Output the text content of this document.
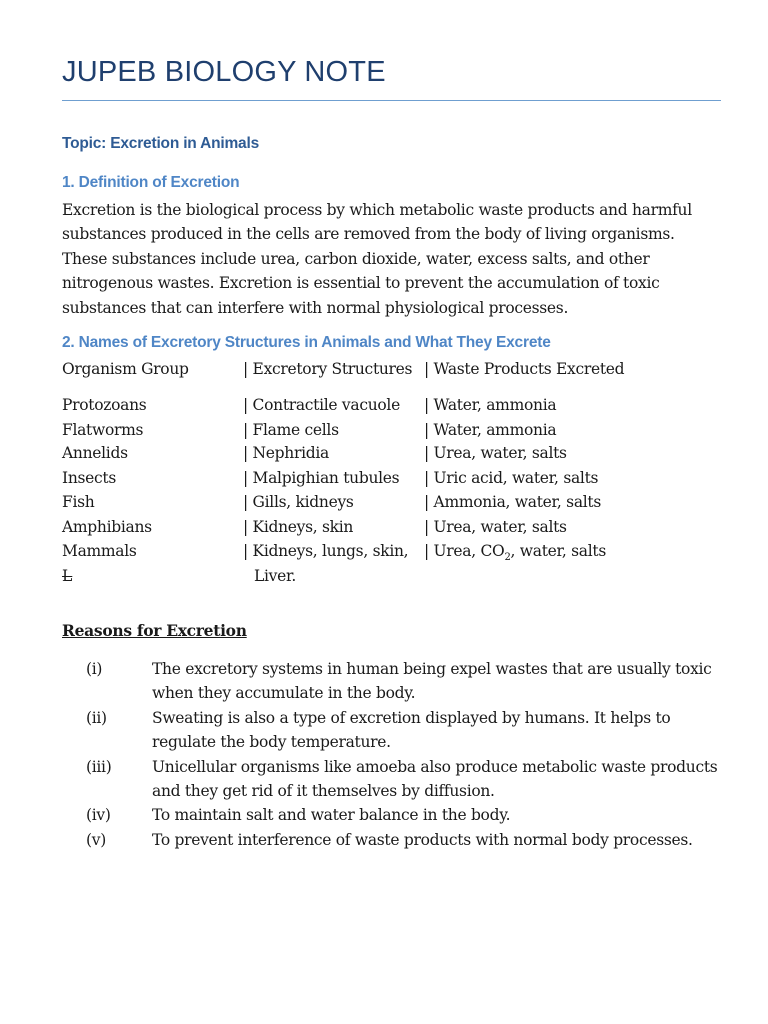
JUPEB BIOLOGY NOTE
Topic: Excretion in Animals
1. Definition of Excretion
Excretion is the biological process by which metabolic waste products and harmful substances produced in the cells are removed from the body of living organisms. These substances include urea, carbon dioxide, water, excess salts, and other nitrogenous wastes. Excretion is essential to prevent the accumulation of toxic substances that can interfere with normal physiological processes.
2. Names of Excretory Structures in Animals and What They Excrete
Organism Group	| Excretory Structures | Waste Products Excreted
Protozoans	| Contractile vacuole | Water, ammonia
Flatworms	| Flame cells	| Water, ammonia
Annelids	| Nephridia	| Urea, water, salts
Insects	| Malpighian tubules | Uric acid, water, salts
Fish	| Gills, kidneys	| Ammonia, water, salts
Amphibians	| Kidneys, skin	| Urea, water, salts
Mammals	| Kidneys, lungs, skin, | Urea, $CO_2$, water, salts
L	Liver.
Reasons for Excretion
(i)	The excretory systems in human being expel wastes that are usually toxic when they accumulate in the body.
(ii)	Sweating is also a type of excretion displayed by humans. It helps to regulate the body temperature.
(iii)	Unicellular organisms like amoeba also produce metabolic waste products and they get rid of it themselves by diffusion.
(iv)	To maintain salt and water balance in the body.
(v)	To prevent interference of waste products with normal body processes.
